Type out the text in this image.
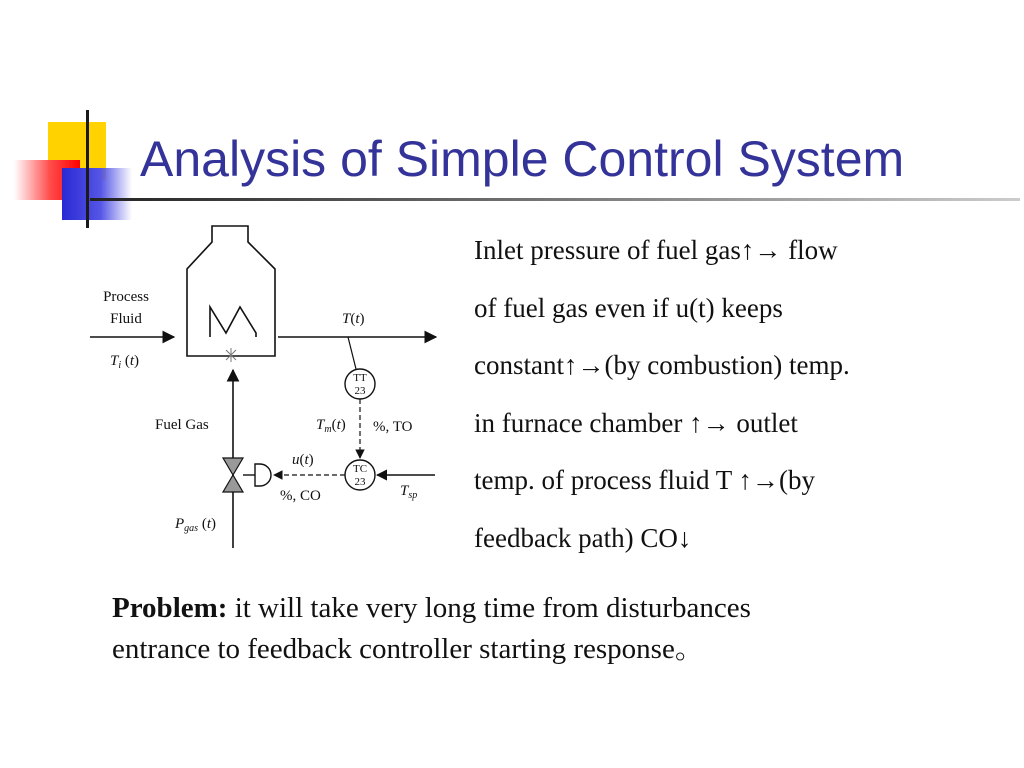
Analysis of Simple Control System
Process
Fluid
$T_i$ (t)
T(t)
TT
23
TC
23
Fuel Gas	$T_m(t)$ %, TO
u(t)
%, CO	$T_{sp}$
$P_{gas}$ (t)
Inlet pressure of fuel gas↑→ flow
of fuel gas even if u(t) keeps
constant↑→(by combustion) temp.
in furnace chamber ↑→ outlet
temp. of process fluid T ↑→(by
feedback path) CO↓
Problem: it will take very long time from disturbances
entrance to feedback controller starting response。
